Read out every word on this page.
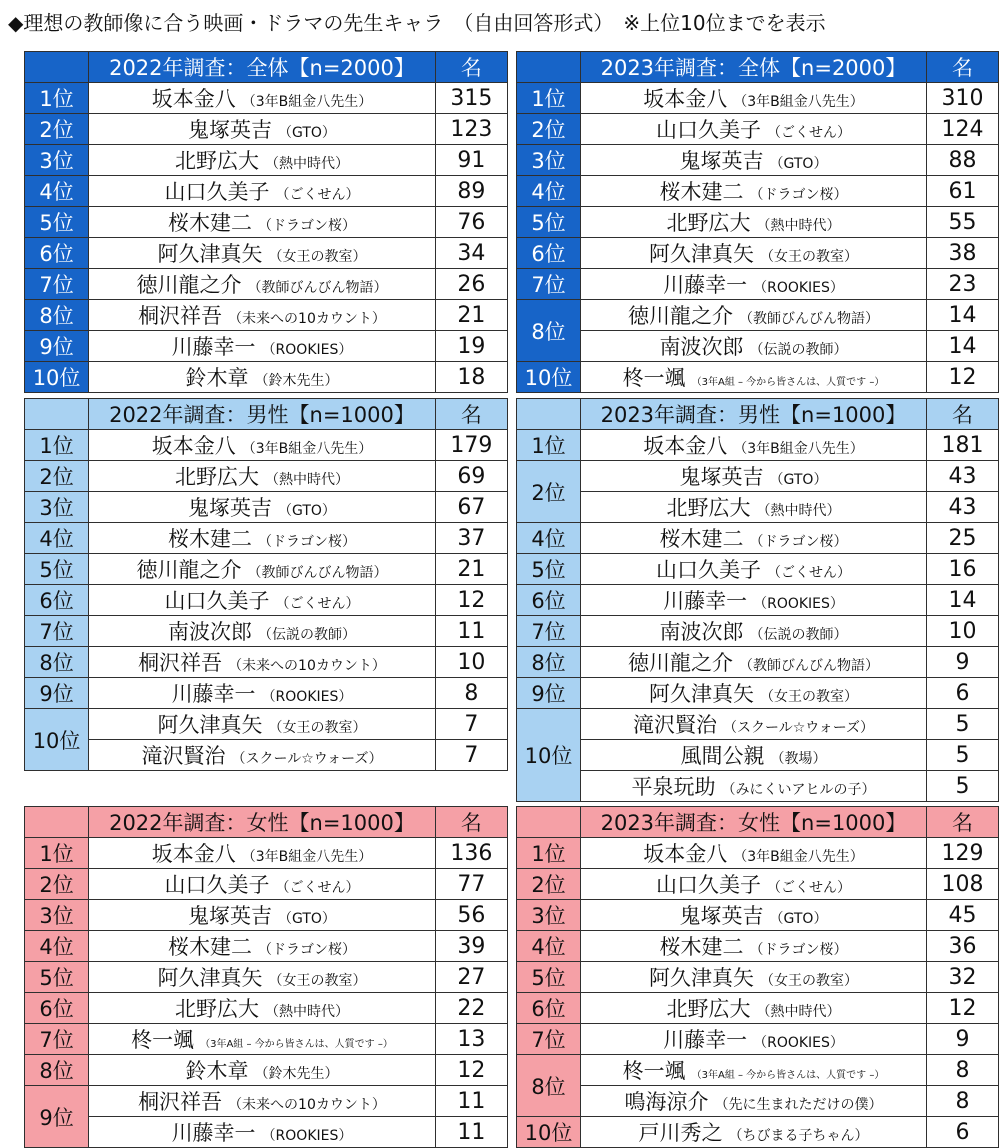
◆理想の教師像に合う映画・ドラマの先生キャラ　（自由回答形式）　※上位10位までを表示
	2022年調査：全体【n=2000】	名
1位	坂本金八 （3年B組金八先生）	315
2位	鬼塚英吉 （GTO）	123
3位	北野広大 （熱中時代）	91
4位	山口久美子 （ごくせん）	89
5位	桜木建二 （ドラゴン桜）	76
6位	阿久津真矢 （女王の教室）	34
7位	徳川龍之介 （教師びんびん物語）	26
8位	桐沢祥吾 （未来への10カウント）	21
9位	川藤幸一 （ROOKIES）	19
10位	鈴木章 （鈴木先生）	18
	2023年調査：全体【n=2000】	名
1位	坂本金八 （3年B組金八先生）	310
2位	山口久美子 （ごくせん）	124
3位	鬼塚英吉 （GTO）	88
4位	桜木建二 （ドラゴン桜）	61
5位	北野広大 （熱中時代）	55
6位	阿久津真矢 （女王の教室）	38
7位	川藤幸一 （ROOKIES）	23
8位	徳川龍之介 （教師びんびん物語）	14
	南波次郎 （伝説の教師）	14
10位	柊一颯 （3年A組 – 今から皆さんは、人質です –）	12
	2022年調査：男性【n=1000】	名
1位	坂本金八 （3年B組金八先生）	179
2位	北野広大 （熱中時代）	69
3位	鬼塚英吉 （GTO）	67
4位	桜木建二 （ドラゴン桜）	37
5位	徳川龍之介 （教師びんびん物語）	21
6位	山口久美子 （ごくせん）	12
7位	南波次郎 （伝説の教師）	11
8位	桐沢祥吾 （未来への10カウント）	10
9位	川藤幸一 （ROOKIES）	8
10位	阿久津真矢 （女王の教室）	7
	滝沢賢治 （スクール☆ウォーズ）	7
	2023年調査：男性【n=1000】	名
1位	坂本金八 （3年B組金八先生）	181
2位	鬼塚英吉 （GTO）	43
	北野広大 （熱中時代）	43
4位	桜木建二 （ドラゴン桜）	25
5位	山口久美子 （ごくせん）	16
6位	川藤幸一 （ROOKIES）	14
7位	南波次郎 （伝説の教師）	10
8位	徳川龍之介 （教師びんびん物語）	9
9位	阿久津真矢 （女王の教室）	6
10位	滝沢賢治 （スクール☆ウォーズ）	5
	風間公親 （教場）	5
	平泉玩助 （みにくいアヒルの子）	5
	2022年調査：女性【n=1000】	名
1位	坂本金八 （3年B組金八先生）	136
2位	山口久美子 （ごくせん）	77
3位	鬼塚英吉 （GTO）	56
4位	桜木建二 （ドラゴン桜）	39
5位	阿久津真矢 （女王の教室）	27
6位	北野広大 （熱中時代）	22
7位	柊一颯 （3年A組 – 今から皆さんは、人質です –）	13
8位	鈴木章 （鈴木先生）	12
9位	桐沢祥吾 （未来への10カウント）	11
	川藤幸一 （ROOKIES）	11
	2023年調査：女性【n=1000】	名
1位	坂本金八 （3年B組金八先生）	129
2位	山口久美子 （ごくせん）	108
3位	鬼塚英吉 （GTO）	45
4位	桜木建二 （ドラゴン桜）	36
5位	阿久津真矢 （女王の教室）	32
6位	北野広大 （熱中時代）	12
7位	川藤幸一 （ROOKIES）	9
8位	柊一颯 （3年A組 – 今から皆さんは、人質です –）	8
	鳴海涼介 （先に生まれただけの僕）	8
10位	戸川秀之 （ちびまる子ちゃん）	6
